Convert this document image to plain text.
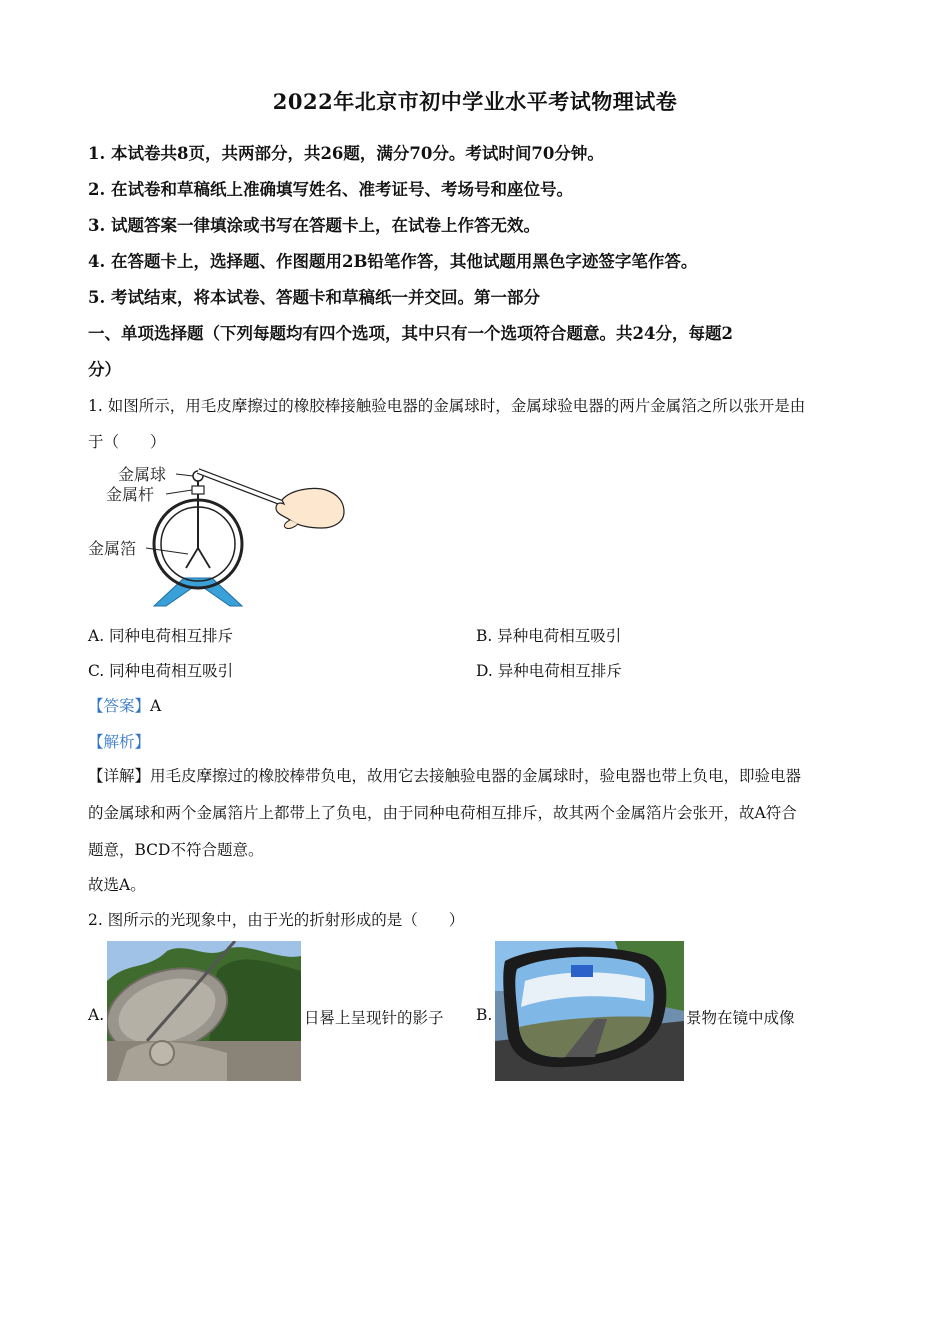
2022年北京市初中学业水平考试物理试卷
1. 本试卷共8页，共两部分，共26题，满分70分。考试时间70分钟。
2. 在试卷和草稿纸上准确填写姓名、准考证号、考场号和座位号。
3. 试题答案一律填涂或书写在答题卡上，在试卷上作答无效。
4. 在答题卡上，选择题、作图题用2B铅笔作答，其他试题用黑色字迹签字笔作答。
5. 考试结束，将本试卷、答题卡和草稿纸一并交回。第一部分
一、单项选择题（下列每题均有四个选项，其中只有一个选项符合题意。共24分，每题2
分）
1. 如图所示，用毛皮摩擦过的橡胶棒接触验电器的金属球时，金属球验电器的两片金属箔之所以张开是由
于（　　）
金属球
金属杆
金属箔
A. 同种电荷相互排斥	B. 异种电荷相互吸引
C. 同种电荷相互吸引	D. 异种电荷相互排斥
【答案】A
【解析】
【详解】用毛皮摩擦过的橡胶棒带负电，故用它去接触验电器的金属球时，验电器也带上负电，即验电器
的金属球和两个金属箔片上都带上了负电，由于同种电荷相互排斥，故其两个金属箔片会张开，故A符合
题意，BCD不符合题意。
故选A。
2. 图所示的光现象中，由于光的折射形成的是（　　）
A.	日晷上呈现针的影子 B.	景物在镜中成像
